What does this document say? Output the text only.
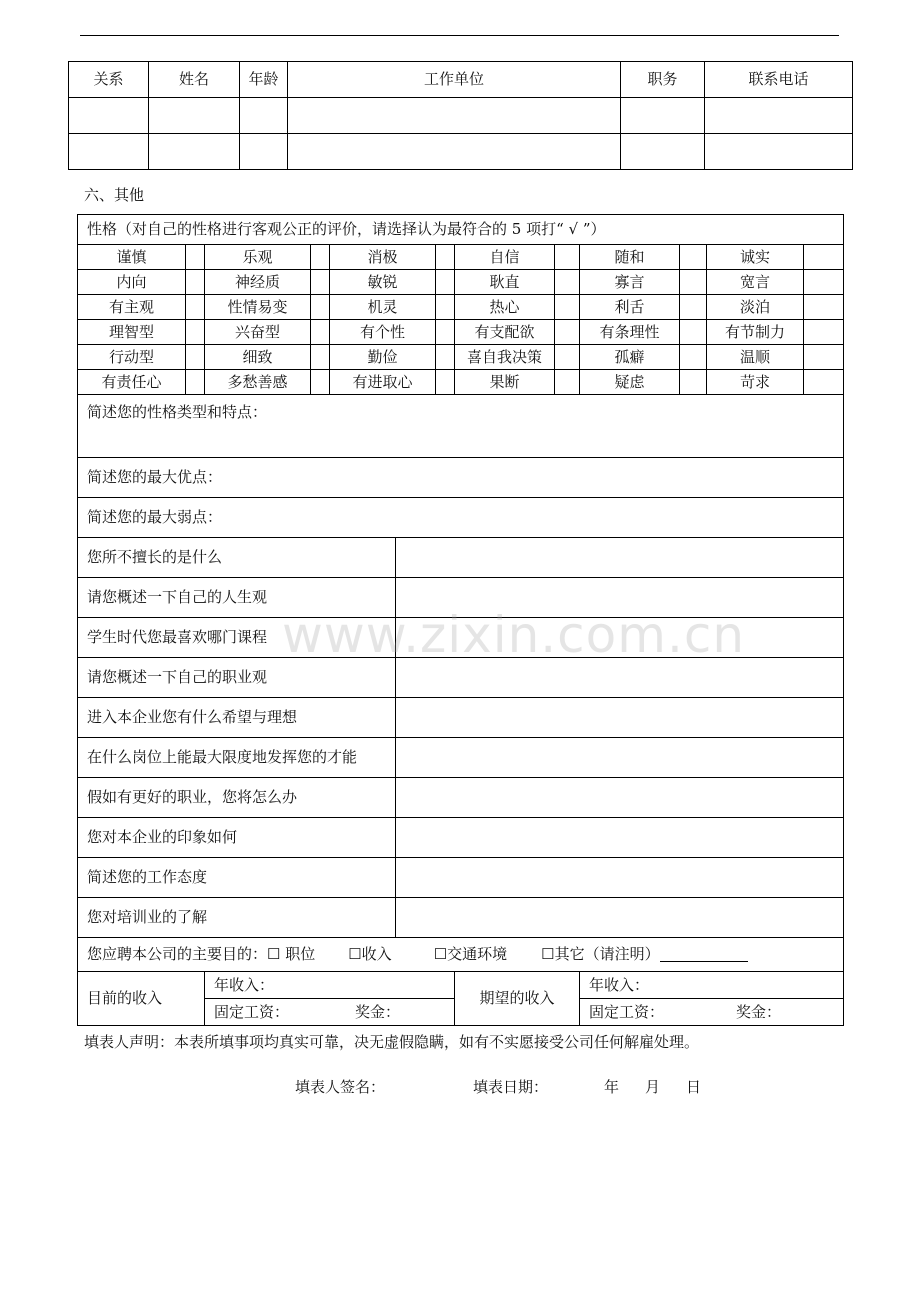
关系	姓名	年龄	工作单位	职务	联系电话

六、其他
性格（对自己的性格进行客观公正的评价，请选择认为最符合的 5 项打“ √ ”）												
谨慎		乐观		消极			自信		随和		诚实	
内向		神经质		敏锐			耿直		寡言		宽言	
有主观		性情易变		机灵			热心		利舌		淡泊	
理智型		兴奋型		有个性			有支配欲		有条理性		有节制力	
行动型		细致		勤俭			喜自我决策		孤癖		温顺	
有责任心		多愁善感		有进取心			果断		疑虑		苛求	
简述您的性格类型和特点：												
简述您的最大优点：												
简述您的最大弱点：												
您所不擅长的是什么												
请您概述一下自己的人生观												
学生时代您最喜欢哪门课程												
请您概述一下自己的职业观												
进入本企业您有什么希望与理想												
在什么岗位上能最大限度地发挥您的才能												
假如有更好的职业，您将怎么办												
您对本企业的印象如何												
简述您的工作态度												
您对培训业的了解												
您应聘本公司的主要目的：☐ 职位 ☐收入 ☐交通环境 ☐其它（请注明）												
目前的收入		年收入：					期望的收入		年收入：			
		固定工资： 奖金：							固定工资： 奖金：			
填表人声明：本表所填事项均真实可靠，决无虚假隐瞒，如有不实愿接受公司任何解雇处理。
填表人签名：	填表日期：	年 月 日
www.zixin.com.cn
